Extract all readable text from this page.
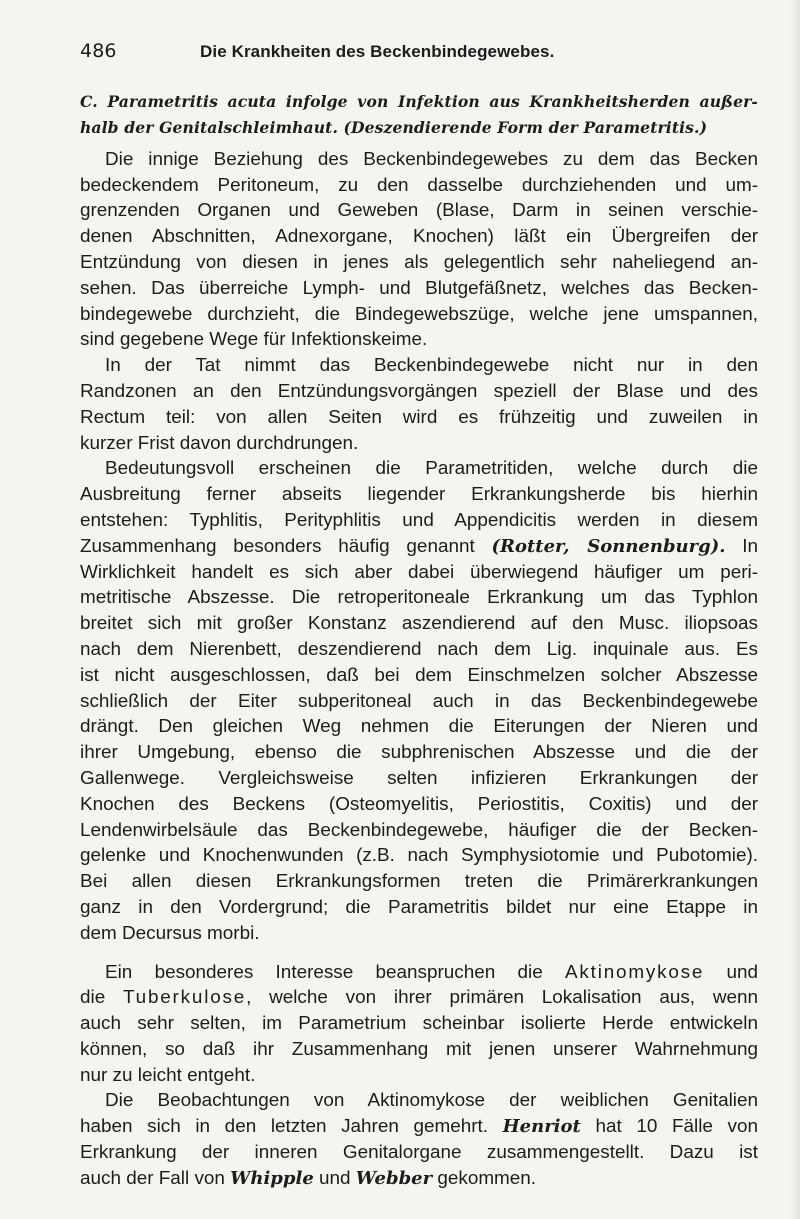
486	Die Krankheiten des Beckenbindegewebes.
C. Parametritis acuta infolge von Infektion aus Krankheitsherden außer-
halb der Genitalschleimhaut. (Deszendierende Form der Parametritis.)
Die innige Beziehung des Beckenbindegewebes zu dem das Becken
bedeckendem Peritoneum, zu den dasselbe durchziehenden und um-
grenzenden Organen und Geweben (Blase, Darm in seinen verschie-
denen Abschnitten, Adnexorgane, Knochen) läßt ein Übergreifen der
Entzündung von diesen in jenes als gelegentlich sehr naheliegend an-
sehen. Das überreiche Lymph- und Blutgefäßnetz, welches das Becken-
bindegewebe durchzieht, die Bindegewebszüge, welche jene umspannen,
sind gegebene Wege für Infektionskeime.
In der Tat nimmt das Beckenbindegewebe nicht nur in den
Randzonen an den Entzündungsvorgängen speziell der Blase und des
Rectum teil: von allen Seiten wird es frühzeitig und zuweilen in
kurzer Frist davon durchdrungen.
Bedeutungsvoll erscheinen die Parametritiden, welche durch die
Ausbreitung ferner abseits liegender Erkrankungsherde bis hierhin
entstehen: Typhlitis, Perityphlitis und Appendicitis werden in diesem
Zusammenhang besonders häufig genannt (Rotter, Sonnenburg). In
Wirklichkeit handelt es sich aber dabei überwiegend häufiger um peri-
metritische Abszesse. Die retroperitoneale Erkrankung um das Typhlon
breitet sich mit großer Konstanz aszendierend auf den Musc. iliopsoas
nach dem Nierenbett, deszendierend nach dem Lig. inquinale aus. Es
ist nicht ausgeschlossen, daß bei dem Einschmelzen solcher Abszesse
schließlich der Eiter subperitoneal auch in das Beckenbindegewebe
drängt. Den gleichen Weg nehmen die Eiterungen der Nieren und
ihrer Umgebung, ebenso die subphrenischen Abszesse und die der
Gallenwege. Vergleichsweise selten infizieren Erkrankungen der
Knochen des Beckens (Osteomyelitis, Periostitis, Coxitis) und der
Lendenwirbelsäule das Beckenbindegewebe, häufiger die der Becken-
gelenke und Knochenwunden (z.B. nach Symphysiotomie und Pubotomie).
Bei allen diesen Erkrankungsformen treten die Primärerkrankungen
ganz in den Vordergrund; die Parametritis bildet nur eine Etappe in
dem Decursus morbi.
Ein besonderes Interesse beanspruchen die Aktinomykose und
die Tuberkulose, welche von ihrer primären Lokalisation aus, wenn
auch sehr selten, im Parametrium scheinbar isolierte Herde entwickeln
können, so daß ihr Zusammenhang mit jenen unserer Wahrnehmung
nur zu leicht entgeht.
Die Beobachtungen von Aktinomykose der weiblichen Genitalien
haben sich in den letzten Jahren gemehrt. Henriot hat 10 Fälle von
Erkrankung der inneren Genitalorgane zusammengestellt. Dazu ist
auch der Fall von Whipple und Webber gekommen.
